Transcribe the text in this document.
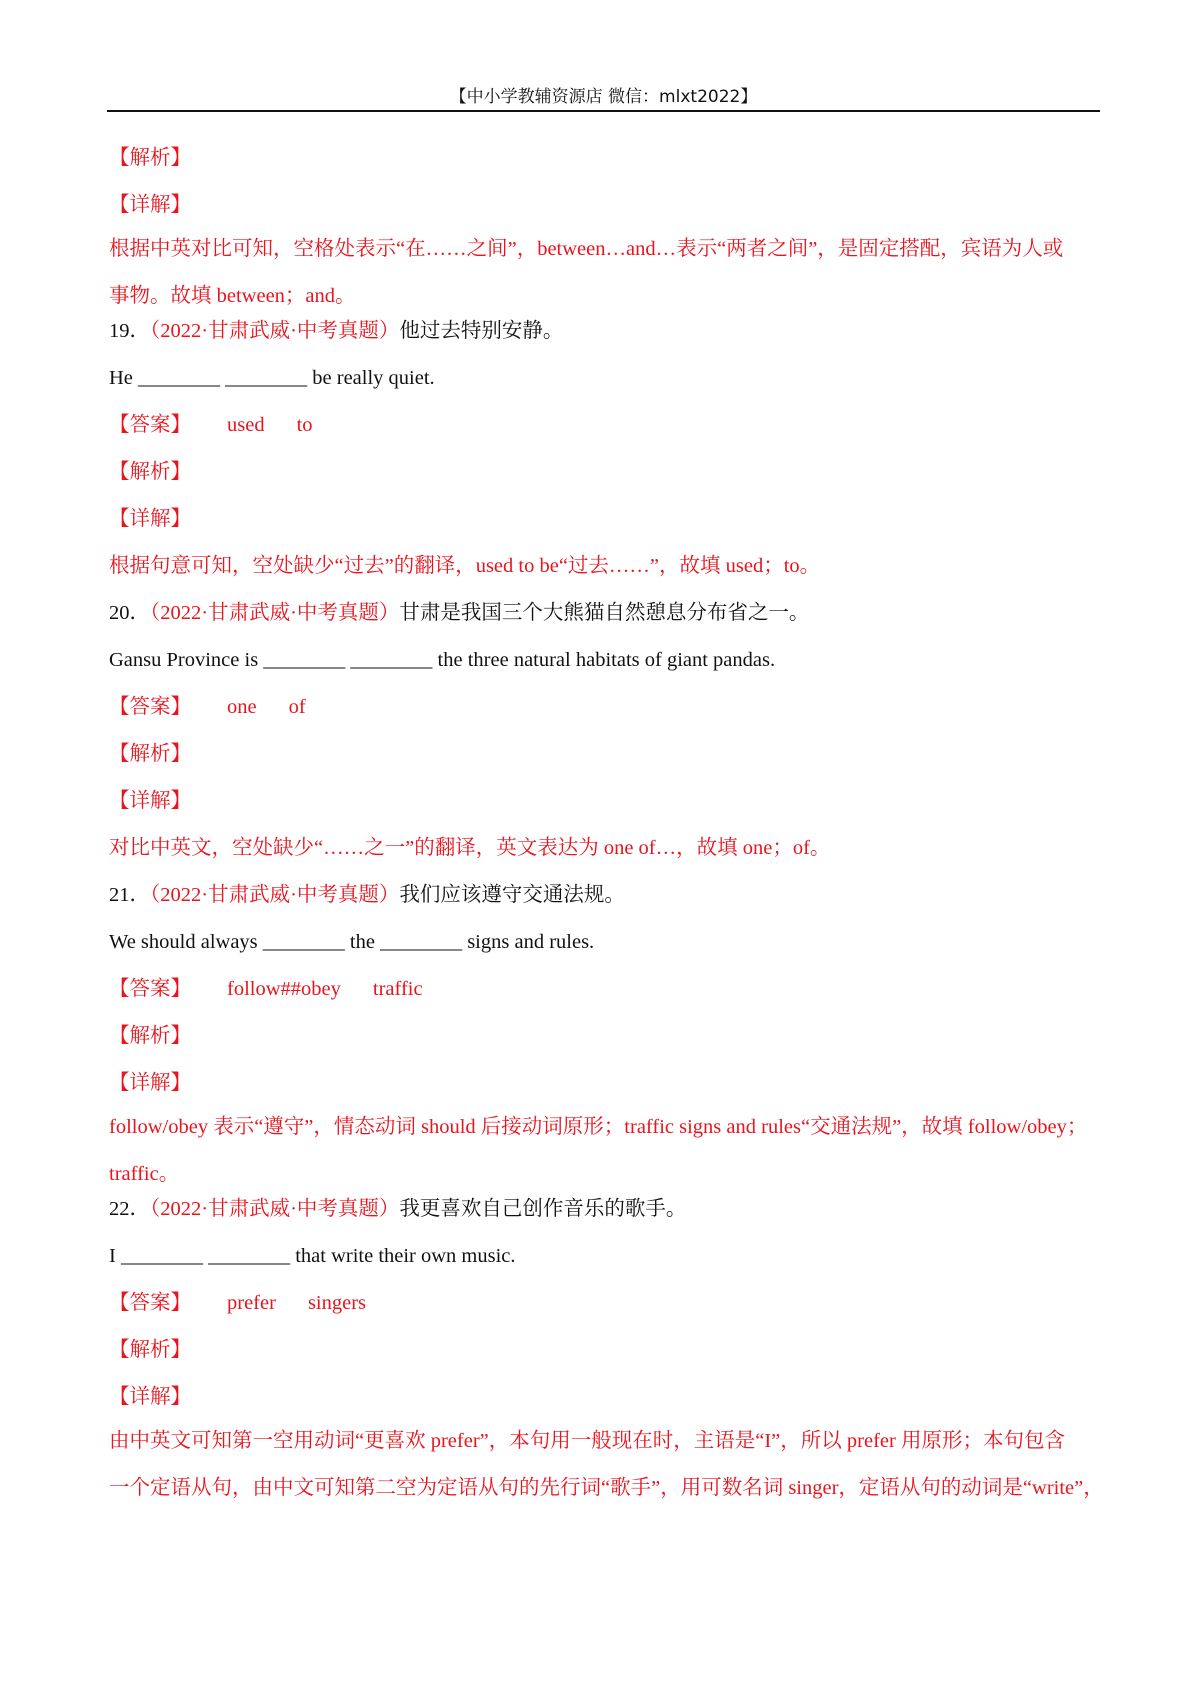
【中小学教辅资源店 微信：mlxt2022】
【解析】
【详解】
根据中英对比可知，空格处表示“在……之间”，between…and…表示“两者之间”，是固定搭配，宾语为人或
事物。故填 between；and。
19．（2022·甘肃武威·中考真题）他过去特别安静。
He ________ ________ be really quiet.
【答案】 used to
【解析】
【详解】
根据句意可知，空处缺少“过去”的翻译，used to be“过去……”，故填 used；to。
20．（2022·甘肃武威·中考真题）甘肃是我国三个大熊猫自然憩息分布省之一。
Gansu Province is ________ ________ the three natural habitats of giant pandas.
【答案】 one of
【解析】
【详解】
对比中英文，空处缺少“……之一”的翻译，英文表达为 one of…，故填 one；of。
21．（2022·甘肃武威·中考真题）我们应该遵守交通法规。
We should always ________ the ________ signs and rules.
【答案】 follow##obey traffic
【解析】
【详解】
follow/obey 表示“遵守”，情态动词 should 后接动词原形；traffic signs and rules“交通法规”，故填 follow/obey；
traffic。
22．（2022·甘肃武威·中考真题）我更喜欢自己创作音乐的歌手。
I ________ ________ that write their own music.
【答案】 prefer singers
【解析】
【详解】
由中英文可知第一空用动词“更喜欢 prefer”，本句用一般现在时，主语是“I”，所以 prefer 用原形；本句包含
一个定语从句，由中文可知第二空为定语从句的先行词“歌手”，用可数名词 singer，定语从句的动词是“write”，
